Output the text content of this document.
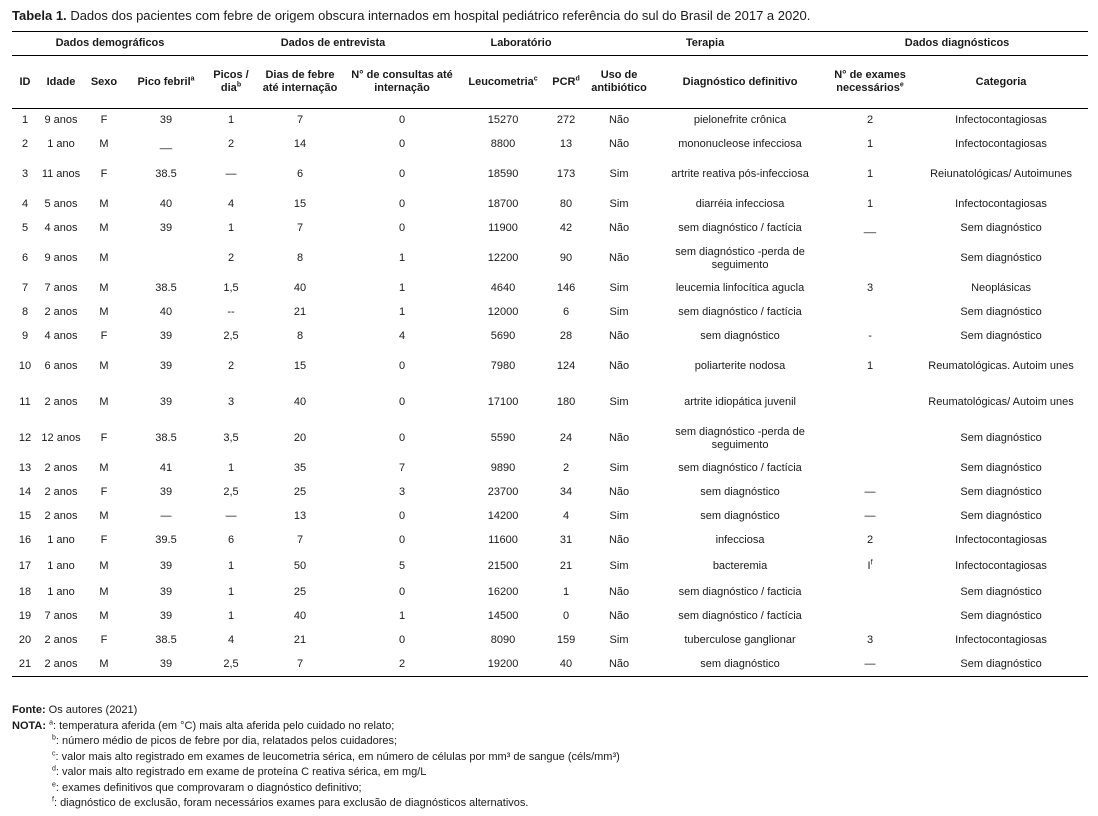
Tabela 1. Dados dos pacientes com febre de origem obscura internados em hospital pediátrico referência do sul do Brasil de 2017 a 2020.
Dados demográficos				Dados de entrevista			Laboratório		Terapia		Dados diagnósticos	
ID	Idade	Sexo	Pico febril$^a$	Picos / dia$^b$	Dias de febre até internação	N° de consultas até internação	Leucometria$^c$	PCR$^d$	Uso de antibiótico	Diagnóstico definitivo	N° de exames necessários$^e$	Categoria
1	9 anos	F	39	1	7	0	15270	272	Não	pielonefrite crônica	2	Infectocontagiosas
2	1 ano	M	__	2	14	0	8800	13	Não	mononucleose infecciosa	1	Infectocontagiosas
3	11 anos	F	38.5	—	6	0	18590	173	Sim	artrite reativa pós-infecciosa	1	Reiunatológicas/ Autoimunes
4	5 anos	M	40	4	15	0	18700	80	Sim	diarréia infecciosa	1	Infectocontagiosas
5	4 anos	M	39	1	7	0	11900	42	Não	sem diagnóstico / factícia	__	Sem diagnóstico
6	9 anos	M		2	8	1	12200	90	Não	sem diagnóstico -perda de seguimento		Sem diagnóstico
7	7 anos	M	38.5	1,5	40	1	4640	146	Sim	leucemia linfocítica agucla	3	Neoplásicas
8	2 anos	M	40	--	21	1	12000	6	Sim	sem diagnóstico / factícia		Sem diagnóstico
9	4 anos	F	39	2,5	8	4	5690	28	Não	sem diagnóstico	-	Sem diagnóstico
10	6 anos	M	39	2	15	0	7980	124	Não	poliarterite nodosa	1	Reumatológicas. Autoim unes
11	2 anos	M	39	3	40	0	17100	180	Sim	artrite idiopática juvenil		Reumatológicas/ Autoim unes
12	12 anos	F	38.5	3,5	20	0	5590	24	Não	sem diagnóstico -perda de seguimento		Sem diagnóstico
13	2 anos	M	41	1	35	7	9890	2	Sim	sem diagnóstico / factícia		Sem diagnóstico
14	2 anos	F	39	2,5	25	3	23700	34	Não	sem diagnóstico	—	Sem diagnóstico
15	2 anos	M	—	—	13	0	14200	4	Sim	sem diagnóstico	—	Sem diagnóstico
16	1 ano	F	39.5	6	7	0	11600	31	Não	infecciosa	2	Infectocontagiosas
17	1 ano	M	39	1	50	5	21500	21	Sim	bacteremia	$I^f$	Infectocontagiosas
18	1 ano	M	39	1	25	0	16200	1	Não	sem diagnóstico / facticia		Sem diagnóstico
19	7 anos	M	39	1	40	1	14500	0	Não	sem diagnóstico / factícia		Sem diagnóstico
20	2 anos	F	38.5	4	21	0	8090	159	Sim	tuberculose ganglionar	3	Infectocontagiosas
21	2 anos	M	39	2,5	7	2	19200	40	Não	sem diagnóstico	—	Sem diagnóstico
Fonte: Os autores (2021)
NOTA: $^a$: temperatura aferida (em °C) mais alta aferida pelo cuidado no relato;
$^b$: número médio de picos de febre por dia, relatados pelos cuidadores;
$^c$: valor mais alto registrado em exames de leucometria sérica, em número de células por mm³ de sangue (céls/mm³)
$^d$: valor mais alto registrado em exame de proteína C reativa sérica, em mg/L
$^e$: exames definitivos que comprovaram o diagnóstico definitivo;
$^f$: diagnóstico de exclusão, foram necessários exames para exclusão de diagnósticos alternativos.
